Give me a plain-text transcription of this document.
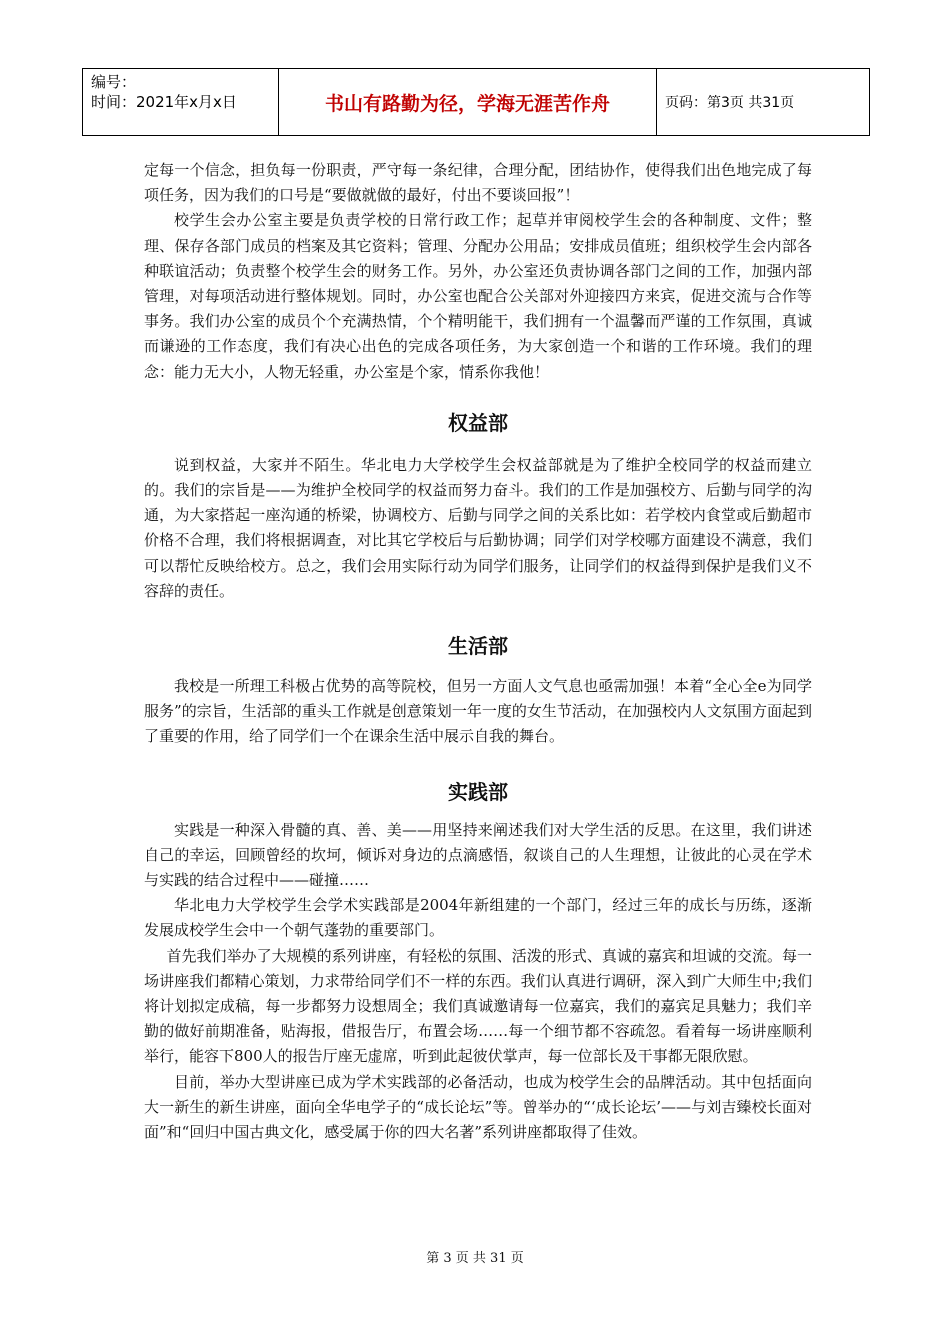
编号：
时间：2021年x月x日	书山有路勤为径，学海无涯苦作舟	页码：第3页 共31页

定每一个信念，担负每一份职责，严守每一条纪律，合理分配，团结协作，使得我们出色地完成了每项任务，因为我们的口号是“要做就做的最好，付出不要谈回报”！

校学生会办公室主要是负责学校的日常行政工作；起草并审阅校学生会的各种制度、文件；整理、保存各部门成员的档案及其它资料；管理、分配办公用品；安排成员值班；组织校学生会内部各种联谊活动；负责整个校学生会的财务工作。另外，办公室还负责协调各部门之间的工作，加强内部管理，对每项活动进行整体规划。同时，办公室也配合公关部对外迎接四方来宾，促进交流与合作等事务。我们办公室的成员个个充满热情，个个精明能干，我们拥有一个温馨而严谨的工作氛围，真诚而谦逊的工作态度，我们有决心出色的完成各项任务，为大家创造一个和谐的工作环境。我们的理念：能力无大小，人物无轻重，办公室是个家，情系你我他！

权益部

说到权益，大家并不陌生。华北电力大学校学生会权益部就是为了维护全校同学的权益而建立的。我们的宗旨是——为维护全校同学的权益而努力奋斗。我们的工作是加强校方、后勤与同学的沟通，为大家搭起一座沟通的桥梁，协调校方、后勤与同学之间的关系比如：若学校内食堂或后勤超市价格不合理，我们将根据调查，对比其它学校后与后勤协调；同学们对学校哪方面建设不满意，我们可以帮忙反映给校方。总之，我们会用实际行动为同学们服务，让同学们的权益得到保护是我们义不容辞的责任。

生活部

我校是一所理工科极占优势的高等院校，但另一方面人文气息也亟需加强！本着“全心全e为同学服务”的宗旨，生活部的重头工作就是创意策划一年一度的女生节活动，在加强校内人文氛围方面起到了重要的作用，给了同学们一个在课余生活中展示自我的舞台。

实践部

实践是一种深入骨髓的真、善、美——用坚持来阐述我们对大学生活的反思。在这里，我们讲述自己的幸运，回顾曾经的坎坷，倾诉对身边的点滴感悟，叙谈自己的人生理想，让彼此的心灵在学术与实践的结合过程中——碰撞……

华北电力大学校学生会学术实践部是2004年新组建的一个部门，经过三年的成长与历练，逐渐发展成校学生会中一个朝气蓬勃的重要部门。

首先我们举办了大规模的系列讲座，有轻松的氛围、活泼的形式、真诚的嘉宾和坦诚的交流。每一场讲座我们都精心策划，力求带给同学们不一样的东西。我们认真进行调研，深入到广大师生中;我们将计划拟定成稿，每一步都努力设想周全；我们真诚邀请每一位嘉宾，我们的嘉宾足具魅力；我们辛勤的做好前期准备，贴海报，借报告厅，布置会场……每一个细节都不容疏忽。看着每一场讲座顺利举行，能容下800人的报告厅座无虚席，听到此起彼伏掌声，每一位部长及干事都无限欣慰。

目前，举办大型讲座已成为学术实践部的必备活动，也成为校学生会的品牌活动。其中包括面向大一新生的新生讲座，面向全华电学子的“成长论坛”等。曾举办的“‘成长论坛’——与刘吉臻校长面对面”和“回归中国古典文化，感受属于你的四大名著”系列讲座都取得了佳效。

第 3 页 共 31 页
